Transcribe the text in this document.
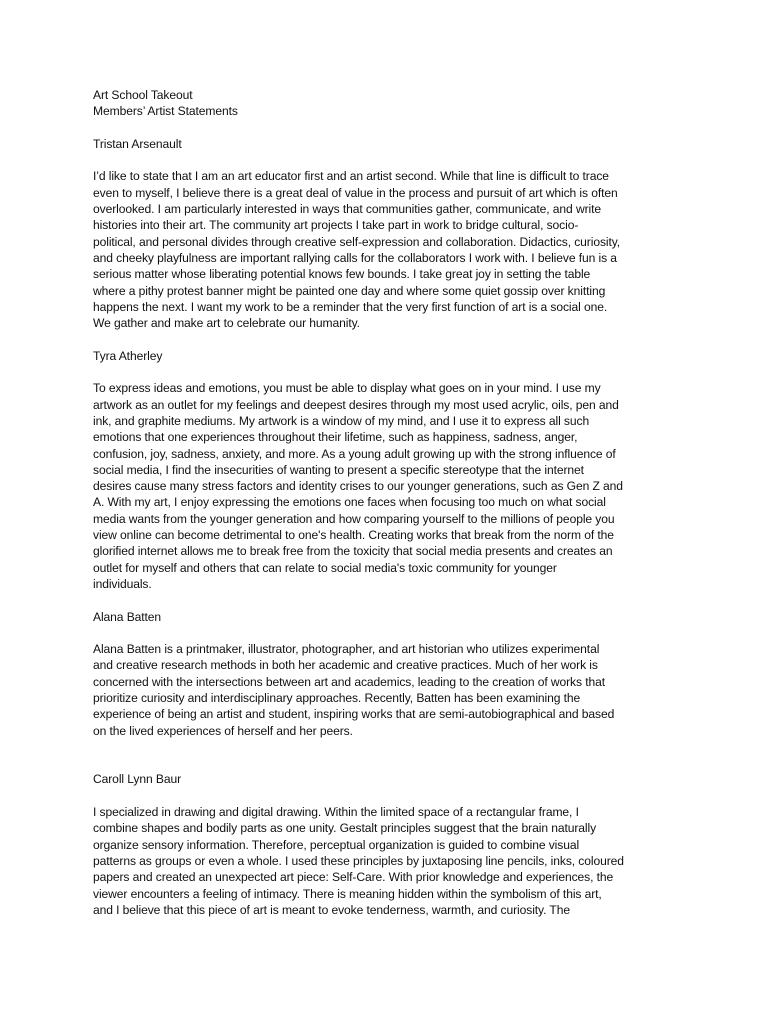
Art School Takeout
Members’ Artist Statements

Tristan Arsenault

I’d like to state that I am an art educator first and an artist second. While that line is difficult to trace
even to myself, I believe there is a great deal of value in the process and pursuit of art which is often
overlooked. I am particularly interested in ways that communities gather, communicate, and write
histories into their art. The community art projects I take part in work to bridge cultural, socio-
political, and personal divides through creative self-expression and collaboration. Didactics, curiosity,
and cheeky playfulness are important rallying calls for the collaborators I work with. I believe fun is a
serious matter whose liberating potential knows few bounds. I take great joy in setting the table
where a pithy protest banner might be painted one day and where some quiet gossip over knitting
happens the next. I want my work to be a reminder that the very first function of art is a social one.
We gather and make art to celebrate our humanity.

Tyra Atherley

To express ideas and emotions, you must be able to display what goes on in your mind. I use my
artwork as an outlet for my feelings and deepest desires through my most used acrylic, oils, pen and
ink, and graphite mediums. My artwork is a window of my mind, and I use it to express all such
emotions that one experiences throughout their lifetime, such as happiness, sadness, anger,
confusion, joy, sadness, anxiety, and more. As a young adult growing up with the strong influence of
social media, I find the insecurities of wanting to present a specific stereotype that the internet
desires cause many stress factors and identity crises to our younger generations, such as Gen Z and
A. With my art, I enjoy expressing the emotions one faces when focusing too much on what social
media wants from the younger generation and how comparing yourself to the millions of people you
view online can become detrimental to one's health. Creating works that break from the norm of the
glorified internet allows me to break free from the toxicity that social media presents and creates an
outlet for myself and others that can relate to social media's toxic community for younger
individuals.

Alana Batten

Alana Batten is a printmaker, illustrator, photographer, and art historian who utilizes experimental
and creative research methods in both her academic and creative practices. Much of her work is
concerned with the intersections between art and academics, leading to the creation of works that
prioritize curiosity and interdisciplinary approaches. Recently, Batten has been examining the
experience of being an artist and student, inspiring works that are semi-autobiographical and based
on the lived experiences of herself and her peers.

Caroll Lynn Baur

I specialized in drawing and digital drawing. Within the limited space of a rectangular frame, I
combine shapes and bodily parts as one unity. Gestalt principles suggest that the brain naturally
organize sensory information. Therefore, perceptual organization is guided to combine visual
patterns as groups or even a whole. I used these principles by juxtaposing line pencils, inks, coloured
papers and created an unexpected art piece: Self-Care. With prior knowledge and experiences, the
viewer encounters a feeling of intimacy. There is meaning hidden within the symbolism of this art,
and I believe that this piece of art is meant to evoke tenderness, warmth, and curiosity. The
